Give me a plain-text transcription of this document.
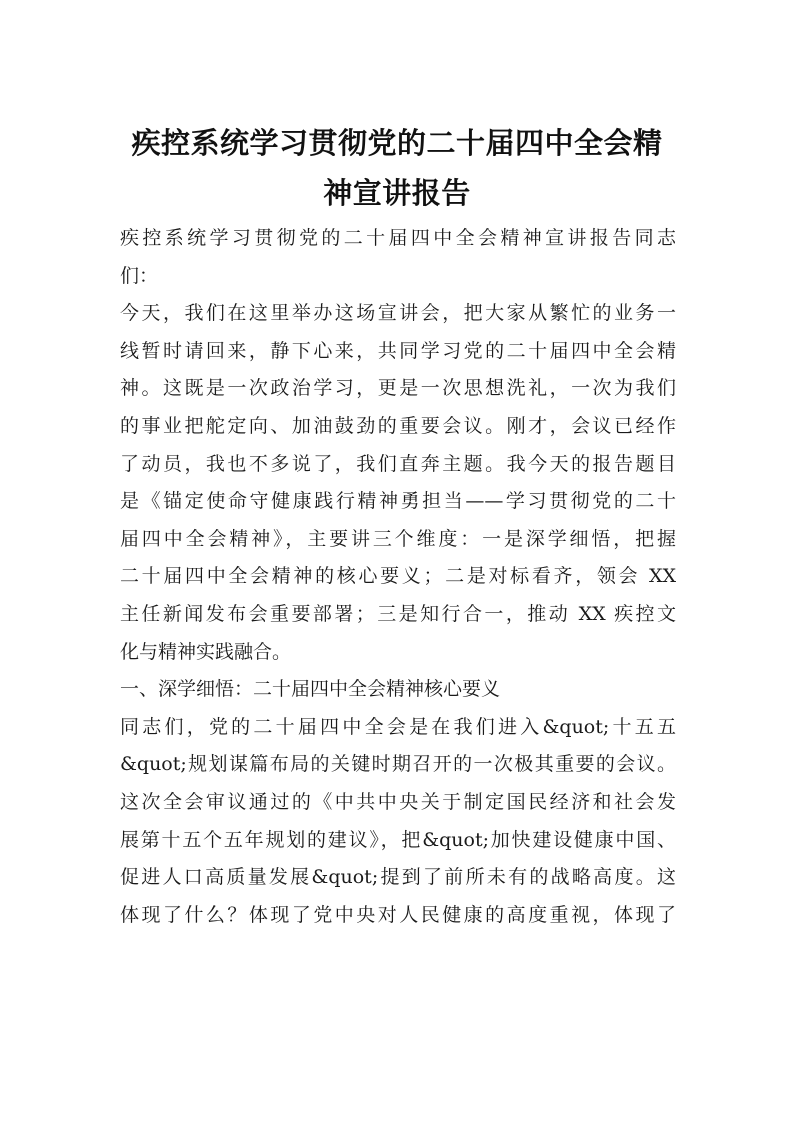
疾控系统学习贯彻党的二十届四中全会精
神宣讲报告

疾控系统学习贯彻党的二十届四中全会精神宣讲报告同志
们：

今天，我们在这里举办这场宣讲会，把大家从繁忙的业务一
线暂时请回来，静下心来，共同学习党的二十届四中全会精
神。这既是一次政治学习，更是一次思想洗礼，一次为我们
的事业把舵定向、加油鼓劲的重要会议。刚才，会议已经作
了动员，我也不多说了，我们直奔主题。我今天的报告题目
是《锚定使命守健康践行精神勇担当——学习贯彻党的二十
届四中全会精神》，主要讲三个维度：一是深学细悟，把握
二十届四中全会精神的核心要义；二是对标看齐，领会 XX
主任新闻发布会重要部署；三是知行合一，推动 XX 疾控文
化与精神实践融合。

一、深学细悟：二十届四中全会精神核心要义

同志们，党的二十届四中全会是在我们进入&quot;十五五
&quot;规划谋篇布局的关键时期召开的一次极其重要的会议。
这次全会审议通过的《中共中央关于制定国民经济和社会发
展第十五个五年规划的建议》，把&quot;加快建设健康中国、
促进人口高质量发展&quot;提到了前所未有的战略高度。这
体现了什么？体现了党中央对人民健康的高度重视，体现了
